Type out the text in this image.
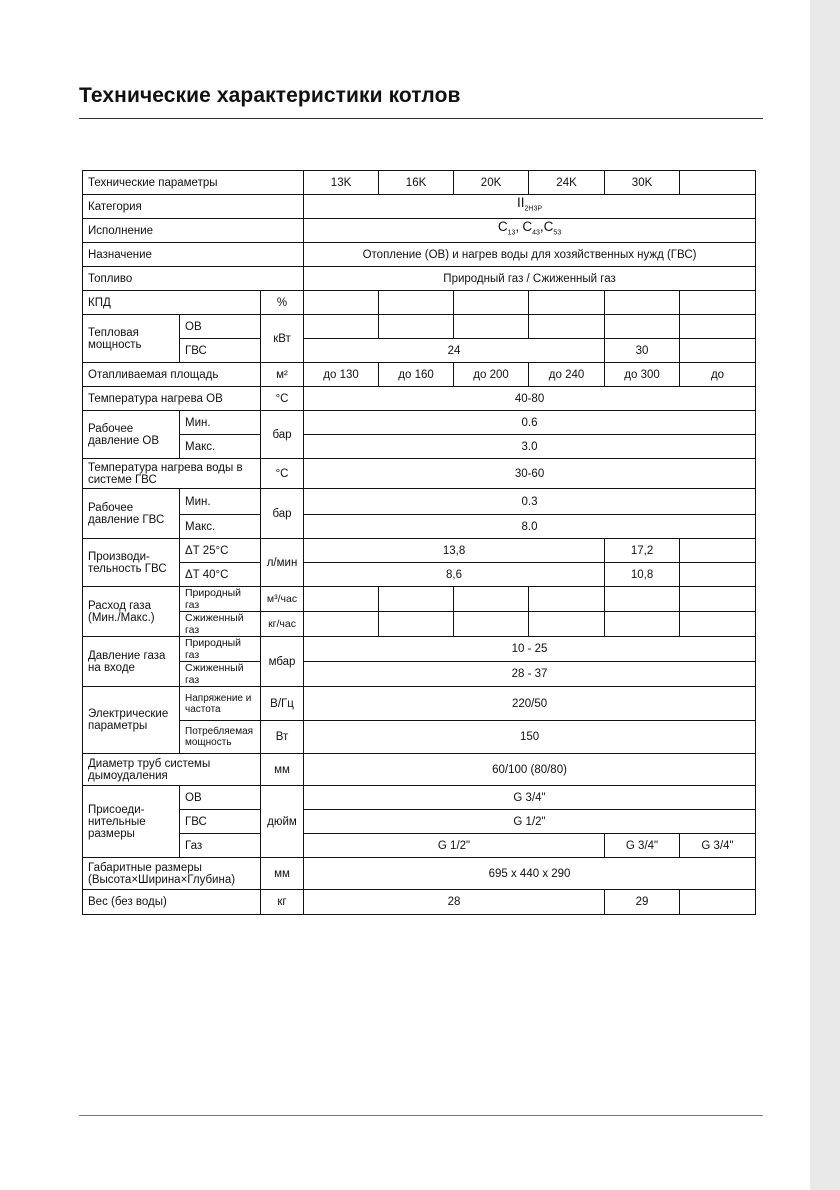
Технические характеристики котлов
Технические параметры			13K	16K	20K	24K	30K	
Категория			$II_{2H3P}$
Исполнение			$C_{13}$, $C_{43},C_{53}$
Назначение			Отопление (ОВ) и нагрев воды для хозяйственных нужд (ГВС)					
Топливо			Природный газ / Сжиженный газ					
КПД		%						
Тепловая мощность	ОВ	кВт						
	ГВС		24				30	
Отапливаемая площадь		м²	до 130	до 160	до 200	до 240	до 300	до
Температура нагрева ОВ		°С	40-80					
Рабочее давление ОВ	Мин.	бар	0.6					
	Макс.		3.0					
Температура нагрева воды в системе ГВС		°С	30-60					
Рабочее давление ГВС	Мин.	бар	0.3					
	Макс.		8.0					
Производи-тельность ГВС	ΔT 25°C	л/мин	13,8				17,2	
	ΔT 40°C		8,6				10,8	
Расход газа (Мин./Макс.)	Природный газ	м³/час						
	Сжиженный газ	кг/час						
Давление газа на входе	Природный газ	мбар	10 - 25					
	Сжиженный газ		28 - 37					
Электрические параметры	Напряжение и частота	В/Гц	220/50					
	Потребляемая мощность	Вт	150					
Диаметр труб системы дымоудаления		мм	60/100 (80/80)					
Присоеди-нительные размеры	ОВ	дюйм	G 3/4"					
	ГВС		G 1/2"					
	Газ		G 1/2"				G 3/4"	G 3/4"
Габаритные размеры (Высота×Ширина×Глубина)		мм	695 х 440 х 290					
Вес (без воды)		кг	28				29	
